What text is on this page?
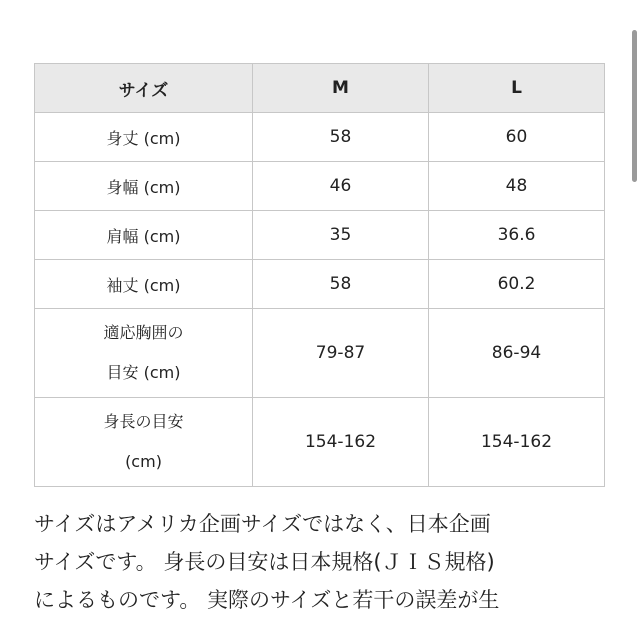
サイズ	M	L
身丈 (cm)	58	60
身幅 (cm)	46	48
肩幅 (cm)	35	36.6
袖丈 (cm)	58	60.2

適応胸囲の
目安 (cm)	79-87	86-94

身長の目安
(cm)	154-162	154-162
サイズはアメリカ企画サイズではなく、日本企画
サイズです。 身長の目安は日本規格(ＪＩＳ規格)
によるものです。 実際のサイズと若干の誤差が生
